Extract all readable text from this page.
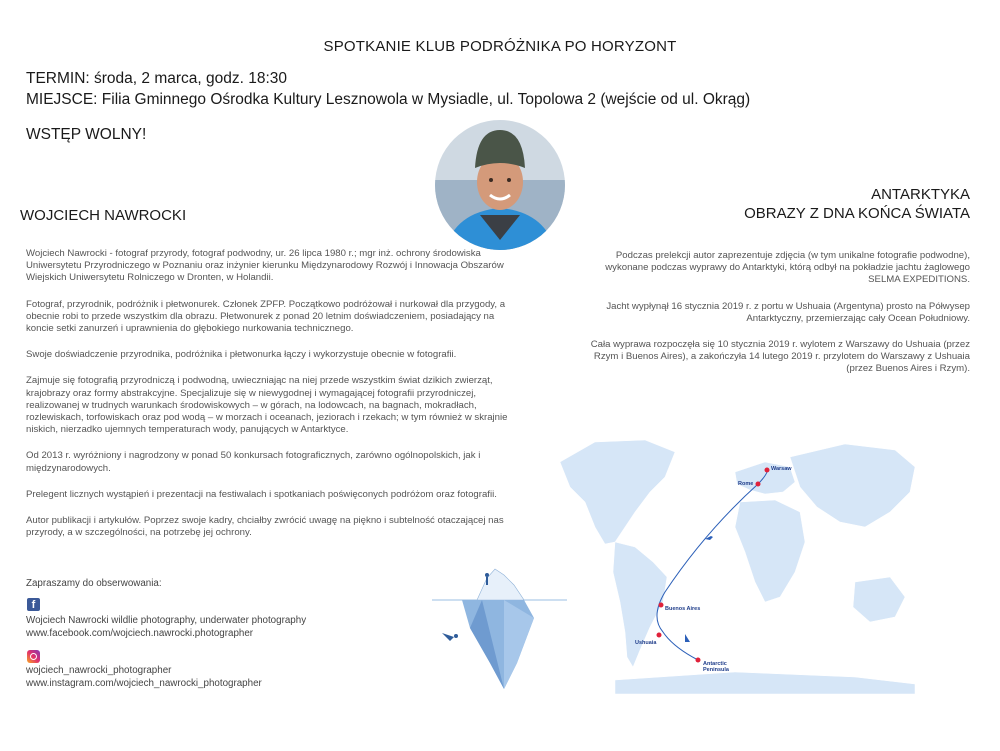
SPOTKANIE KLUB PODRÓŻNIKA PO HORYZONT
TERMIN: środa, 2 marca, godz. 18:30
MIEJSCE: Filia Gminnego Ośrodka Kultury Lesznowola w Mysiadle, ul. Topolowa 2 (wejście od ul. Okrąg)
WSTĘP WOLNY!
WOJCIECH NAWROCKI
ANTARKTYKA
OBRAZY Z DNA KOŃCA ŚWIATA

Wojciech Nawrocki - fotograf przyrody, fotograf podwodny, ur. 26 lipca 1980 r.; mgr inż. ochrony środowiska Uniwersytetu Przyrodniczego w Poznaniu oraz inżynier kierunku Międzynarodowy Rozwój i Innowacja Obszarów Wiejskich Uniwersytetu Rolniczego w Dronten, w Holandii.

Fotograf, przyrodnik, podróżnik i płetwonurek. Członek ZPFP. Początkowo podróżował i nurkował dla przygody, a obecnie robi to przede wszystkim dla obrazu. Płetwonurek z ponad 20 letnim doświadczeniem, posiadający na koncie setki zanurzeń i uprawnienia do głębokiego nurkowania technicznego.

Swoje doświadczenie przyrodnika, podróżnika i płetwonurka łączy i wykorzystuje obecnie w fotografii.

Zajmuje się fotografią przyrodniczą i podwodną, uwieczniając na niej przede wszystkim świat dzikich zwierząt, krajobrazy oraz formy abstrakcyjne. Specjalizuje się w niewygodnej i wymagającej fotografii przyrodniczej, realizowanej w trudnych warunkach środowiskowych – w górach, na lodowcach, na bagnach, mokradłach, rozlewiskach, torfowiskach oraz pod wodą – w morzach i oceanach, jeziorach i rzekach; w tym również w skrajnie niskich, nierzadko ujemnych temperaturach wody, panujących w Antarktyce.

Od 2013 r. wyróżniony i nagrodzony w ponad 50 konkursach fotograficznych, zarówno ogólnopolskich, jak i międzynarodowych.

Prelegent licznych wystąpień i prezentacji na festiwalach i spotkaniach poświęconych podróżom oraz fotografii.

Autor publikacji i artykułów. Poprzez swoje kadry, chciałby zwrócić uwagę na piękno i subtelność otaczającej nas przyrody, a w szczególności, na potrzebę jej ochrony.

Podczas prelekcji autor zaprezentuje zdjęcia (w tym unikalne fotografie podwodne), wykonane podczas wyprawy do Antarktyki, którą odbył na pokładzie jachtu żaglowego SELMA EXPEDITIONS.

Jacht wypłynął 16 stycznia 2019 r. z portu w Ushuaia (Argentyna) prosto na Półwysep Antarktyczny, przemierzając cały Ocean Południowy.

Cała wyprawa rozpoczęła się 10 stycznia 2019 r. wylotem z Warszawy do Ushuaia (przez Rzym i Buenos Aires), a zakończyła 14 lutego 2019 r. przylotem do Warszawy z Ushuaia (przez Buenos Aires i Rzym).

Zapraszamy do obserwowania:
f
Wojciech Nawrocki wildlie photography, underwater photography
www.facebook.com/wojciech.nawrocki.photographer
wojciech_nawrocki_photographer
www.instagram.com/wojciech_nawrocki_photographer
Warsaw
Rome
Buenos Aires
Ushuaia
Antarctic
Peninsula
